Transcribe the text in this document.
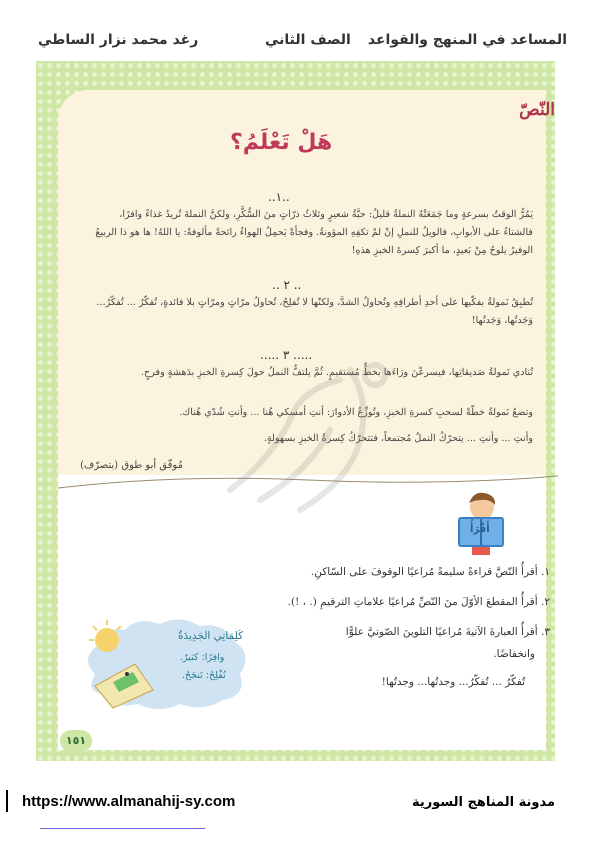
المساعد في المنهج والقواعد
الصف الثاني
رغد محمد نزار الساطي
النّصّ
هَلْ تَعْلَمُ؟
..١..
يَمُرُّ الوقتُ بسرعةٍ وما جَمَعَتْهُ النملةُ قليلٌ: حبَّةُ شعيرٍ وثلاثُ ذرّاتٍ منَ السُّكَّرِ، ولكنَّ النملةَ تُريدُ غذاءً وافرًا، فالشتاءُ على الأبوابِ، فالويلُ للنملِ إنْ لمْ تكفِهِ المؤونةُ. وفجأةً يَحمِلُ الهواءُ رائحةً مألوفةً: يا اللهُ! ها هو ذا الربيعُ الوفيرُ يلوحُ مِنْ بَعيدٍ، ما أكبرَ كِسرةَ الخبزِ هذهِ!
.. ٢ ..
تُطبِقُ نَمولةُ بفكّيها على أحدِ أطرافِهِ وتُحاولُ الشدَّ، ولكنّها لا تُفلِحُ، تُحاولُ مرّاتٍ ومرّاتٍ بلا فائدةٍ، تُفكّرُ ... تُفكّرُ... وَجَدتُها، وَجَدتُها!
..... ٣ .....
تُنادي نَمولةُ صَديقاتِها، فيسرعْنَ ورَاءَها بخطٍّ مُستقيمٍ. ثُمَّ يلتفُّ النملُ حولَ كِسرةِ الخبزِ بدَهشةٍ وفرحٍ.
وتضعُ نَمولةُ خطّةً لسحبِ كسرةِ الخبزِ، وتُوزِّعُ الأدوارَ: أنتِ أمسكي هُنا ... وأنتِ شُدّي هُناك.
وأنتِ ... وأنتِ ... يتحرّكُ النملُ مُجتمعاً، فتتحرّكُ كِسرةُ الخبزِ بسهولةٍ.
مُوفّق أبو طوق (بتصرّف)
أَقْرَأُ
١. أقرأُ النّصَّ قراءةً سليمةً مُراعيًا الوقوفَ على السّاكنِ.
٢. أقرأُ المقطعَ الأوّلَ منَ النّصِّ مُراعيًا علاماتِ الترقيمِ (. ، !).
٣. أقرأُ العبارةَ الآتيةَ مُراعيًا التلوينَ الصّوتيَّ علوًّا
وانخفاضًا.
تُفكّرُ ... تُفكّرُ... وجدتُها... وجدتُها!
كَلِمَاتِي الجَدِيدَةُ
وافِرًا: كثيرٌ.
تُفْلِحُ: تَنجَحُ.
١٥١
https://www.almanahij-sy.com	مدونة المناهج السورية
